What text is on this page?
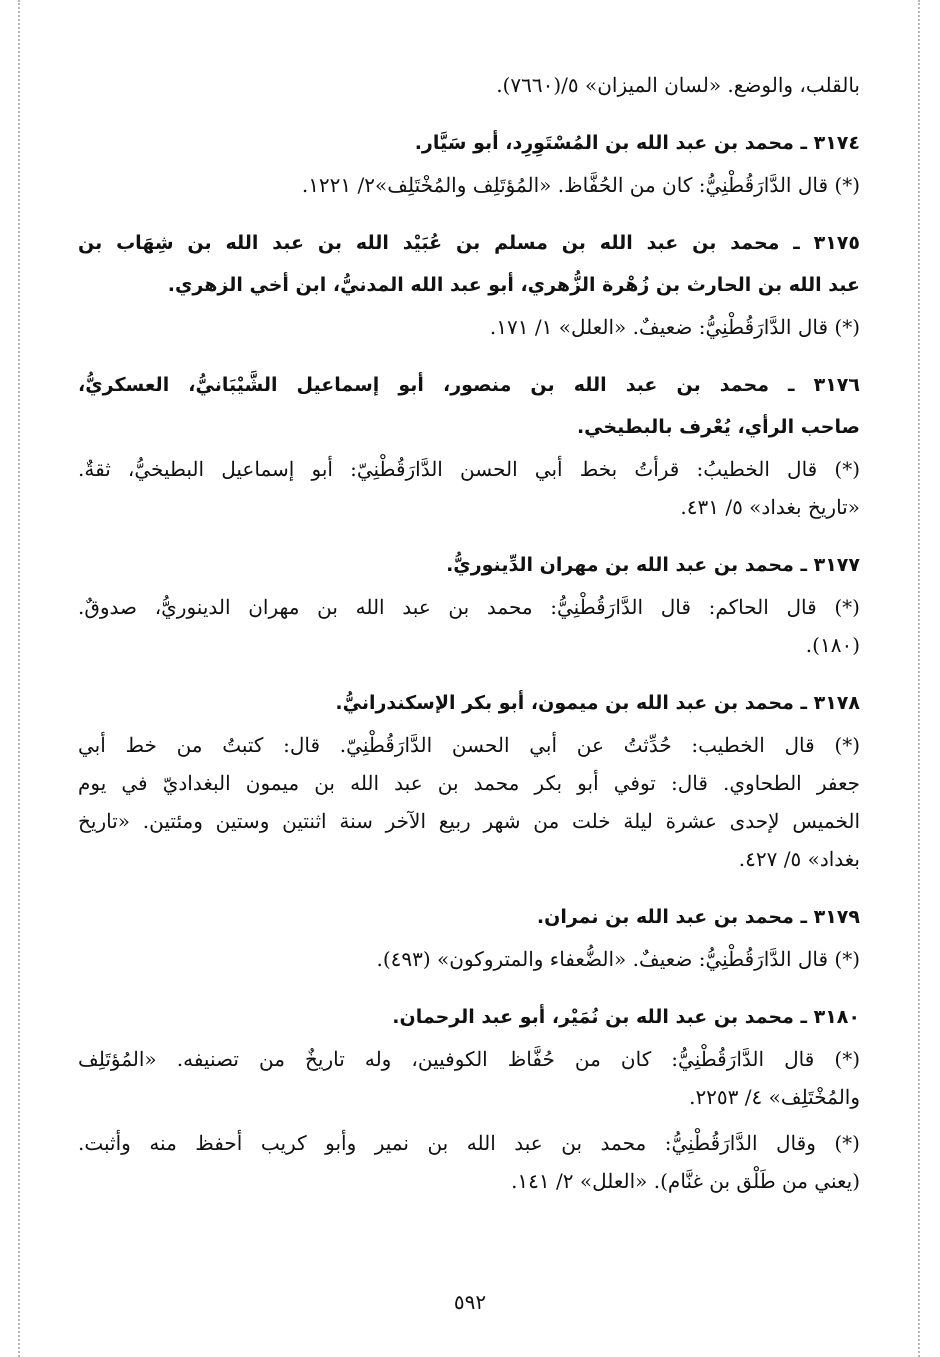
بالقلب، والوضع. «لسان الميزان» ٥/(٧٦٦٠).
٣١٧٤ ـ محمد بن عبد الله بن المُسْتَوِرِد، أبو سَيَّار.
(*) قال الدَّارَقُطْنِيُّ: كان من الحُفَّاظ. «المُؤتَلِف والمُخْتَلِف»٢/ ١٢٢١.
٣١٧٥ ـ محمد بن عبد الله بن مسلم بن عُبَيْد الله بن عبد الله بن شِهَاب بن
عبد الله بن الحارث بن زُهْرة الزُّهري، أبو عبد الله المدنيُّ، ابن أخي الزهري.
(*) قال الدَّارَقُطْنِيُّ: ضعيفٌ. «العلل» ١/ ١٧١.
٣١٧٦ ـ محمد بن عبد الله بن منصور، أبو إسماعيل الشَّيْبَانيُّ، العسكريُّ،
صاحب الرأي، يُعْرف بالبطيخي.
(*) قال الخطيبُ: قرأتُ بخط أبي الحسن الدَّارَقُطْنِيّ: أبو إسماعيل البطيخيُّ، ثقةٌ.
«تاريخ بغداد» ٥/ ٤٣١.
٣١٧٧ ـ محمد بن عبد الله بن مهران الدِّينوريُّ.
(*) قال الحاكم: قال الدَّارَقُطْنِيُّ: محمد بن عبد الله بن مهران الدينوريُّ، صدوقٌ.
(١٨٠).
٣١٧٨ ـ محمد بن عبد الله بن ميمون، أبو بكر الإسكندرانيُّ.
(*) قال الخطيب: حُدِّثتُ عن أبي الحسن الدَّارَقُطْنِيّ. قال: كتبتُ من خط أبي
جعفر الطحاوي. قال: توفي أبو بكر محمد بن عبد الله بن ميمون البغداديّ في يوم
الخميس لإحدى عشرة ليلة خلت من شهر ربيع الآخر سنة اثنتين وستين ومئتين. «تاريخ
بغداد» ٥/ ٤٢٧.
٣١٧٩ ـ محمد بن عبد الله بن نمران.
(*) قال الدَّارَقُطْنِيُّ: ضعيفٌ. «الضُّعفاء والمتروكون» (٤٩٣).
٣١٨٠ ـ محمد بن عبد الله بن نُمَيْر، أبو عبد الرحمان.
(*) قال الدَّارَقُطْنِيُّ: كان من حُفَّاظ الكوفيين، وله تاريخٌ من تصنيفه. «المُؤتَلِف
والمُخْتَلِف» ٤/ ٢٢٥٣.
(*) وقال الدَّارَقُطْنِيُّ: محمد بن عبد الله بن نمير وأبو كريب أحفظ منه وأثبت.
(يعني من طَلْق بن غنَّام). «العلل» ٢/ ١٤١.
٥٩٢
